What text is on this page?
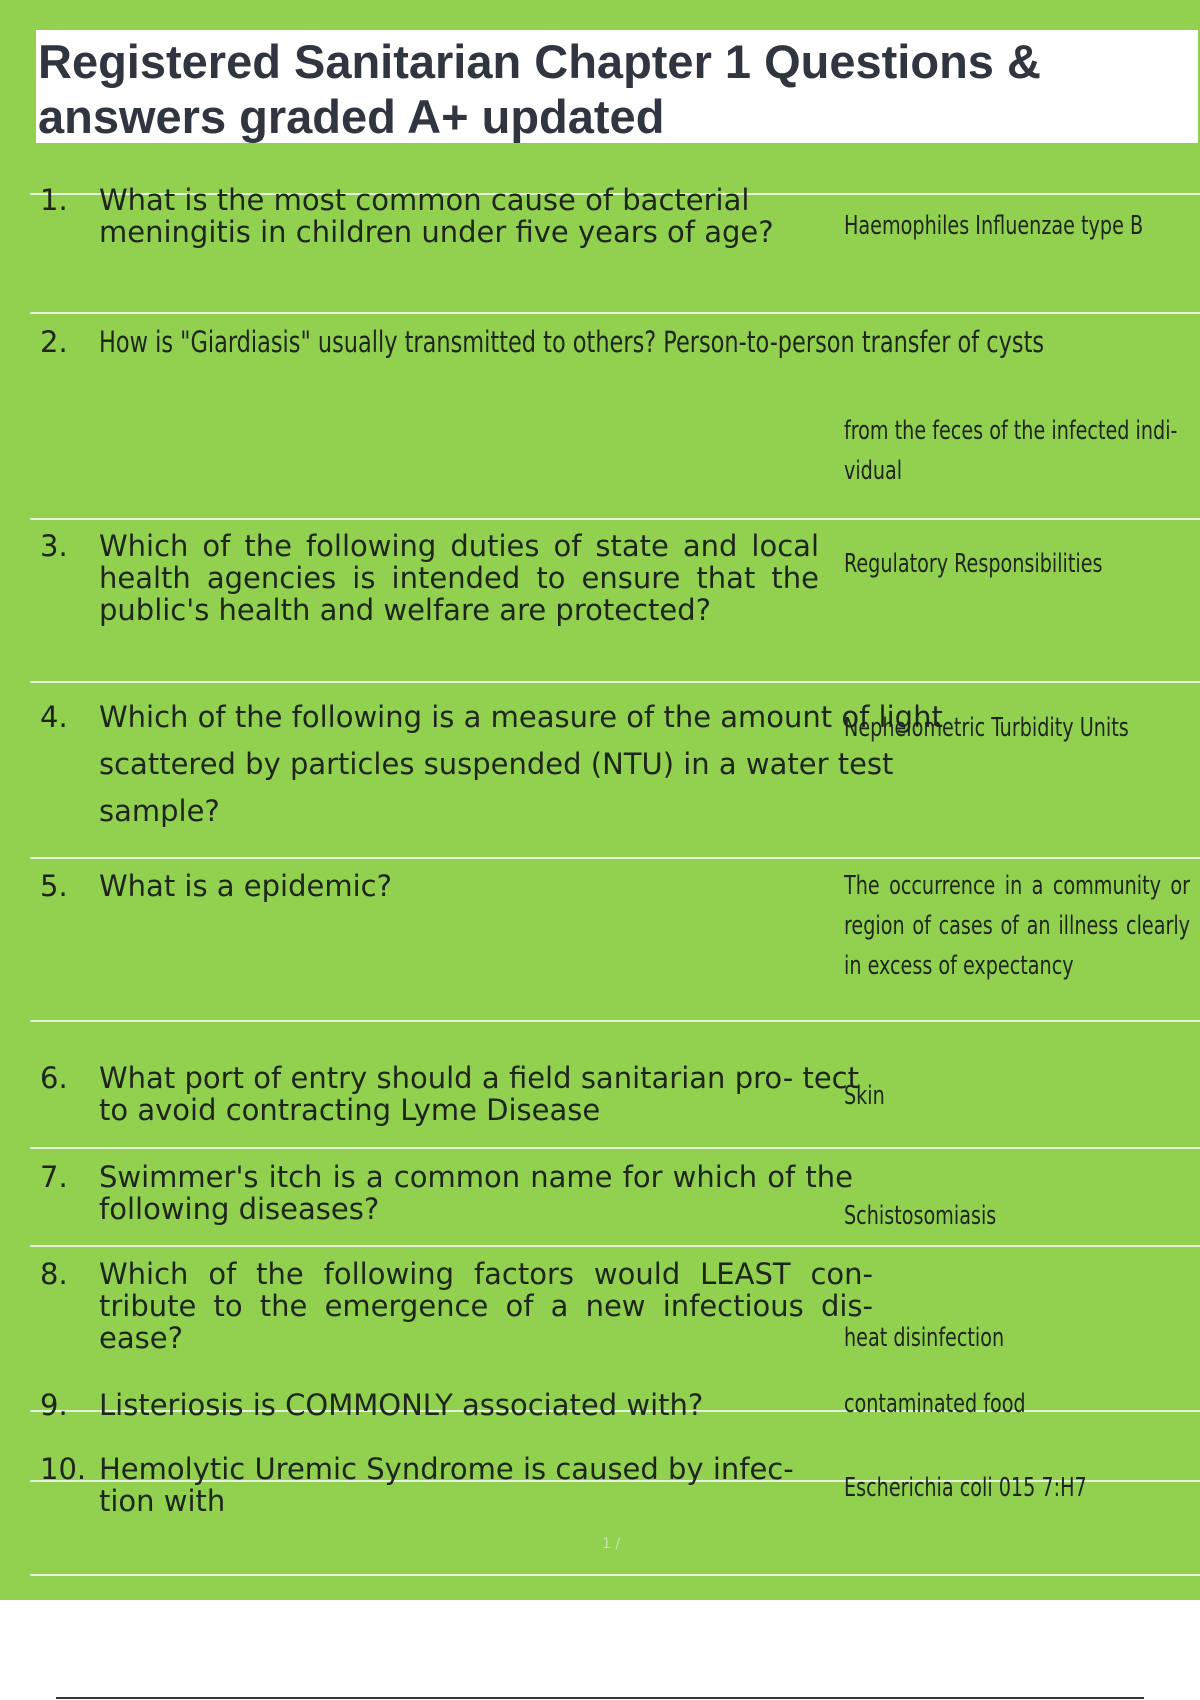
Registered Sanitarian Chapter 1 Questions & answers graded A+ updated
1.	What is the most common cause of bacterial meningitis in children under five years of age?	Haemophiles Influenzae type B
2.	How is "Giardiasis" usually transmitted to others? Person-to-person transfer of cysts
from the feces of the infected indi- vidual
3.	Which of the following duties of state and local health agencies is intended to ensure that the public's health and welfare are protected?
Regulatory Responsibilities
4.	Which of the following is a measure of the amount of light scattered by particles suspended (NTU) in a water test sample?
Nephelometric Turbidity Units
5.	What is a epidemic?	The occurrence in a community or region of cases of an illness clearly in excess of expectancy
6.	What port of entry should a field sanitarian pro- tect to avoid contracting Lyme Disease	Skin
7.	Swimmer's itch is a common name for which of the following diseases?	Schistosomiasis
8.	Which of the following factors would LEAST con- tribute to the emergence of a new infectious dis- ease?	heat disinfection
9.	Listeriosis is COMMONLY associated with?	contaminated food
10. Hemolytic Uremic Syndrome is caused by infec- tion with	Escherichia coli 015 7:H7
1 /
